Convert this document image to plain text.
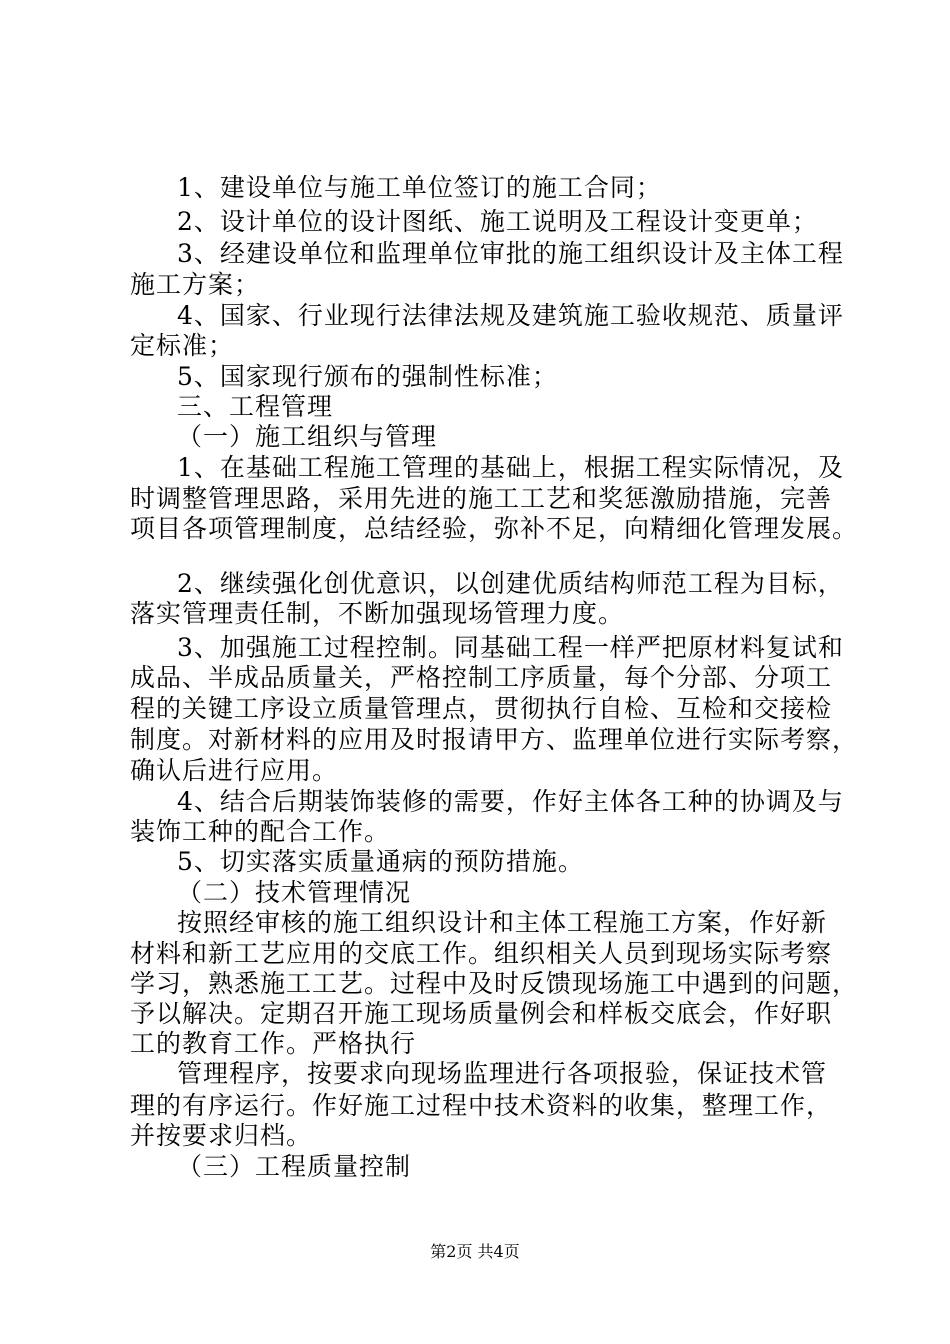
1、建设单位与施工单位签订的施工合同；
2、设计单位的设计图纸、施工说明及工程设计变更单；
3、经建设单位和监理单位审批的施工组织设计及主体工程
施工方案；
4、国家、行业现行法律法规及建筑施工验收规范、质量评
定标准；
5、国家现行颁布的强制性标准；
三、工程管理
（一）施工组织与管理
1、在基础工程施工管理的基础上，根据工程实际情况，及
时调整管理思路，采用先进的施工工艺和奖惩激励措施，完善
项目各项管理制度，总结经验，弥补不足，向精细化管理发展。
2、继续强化创优意识，以创建优质结构师范工程为目标，
落实管理责任制，不断加强现场管理力度。
3、加强施工过程控制。同基础工程一样严把原材料复试和
成品、半成品质量关，严格控制工序质量，每个分部、分项工
程的关键工序设立质量管理点，贯彻执行自检、互检和交接检
制度。对新材料的应用及时报请甲方、监理单位进行实际考察，
确认后进行应用。
4、结合后期装饰装修的需要，作好主体各工种的协调及与
装饰工种的配合工作。
5、切实落实质量通病的预防措施。
（二）技术管理情况
按照经审核的施工组织设计和主体工程施工方案，作好新
材料和新工艺应用的交底工作。组织相关人员到现场实际考察
学习，熟悉施工工艺。过程中及时反馈现场施工中遇到的问题，
予以解决。定期召开施工现场质量例会和样板交底会，作好职
工的教育工作。严格执行
管理程序，按要求向现场监理进行各项报验，保证技术管
理的有序运行。作好施工过程中技术资料的收集，整理工作，
并按要求归档。
（三）工程质量控制
第2页 共4页
